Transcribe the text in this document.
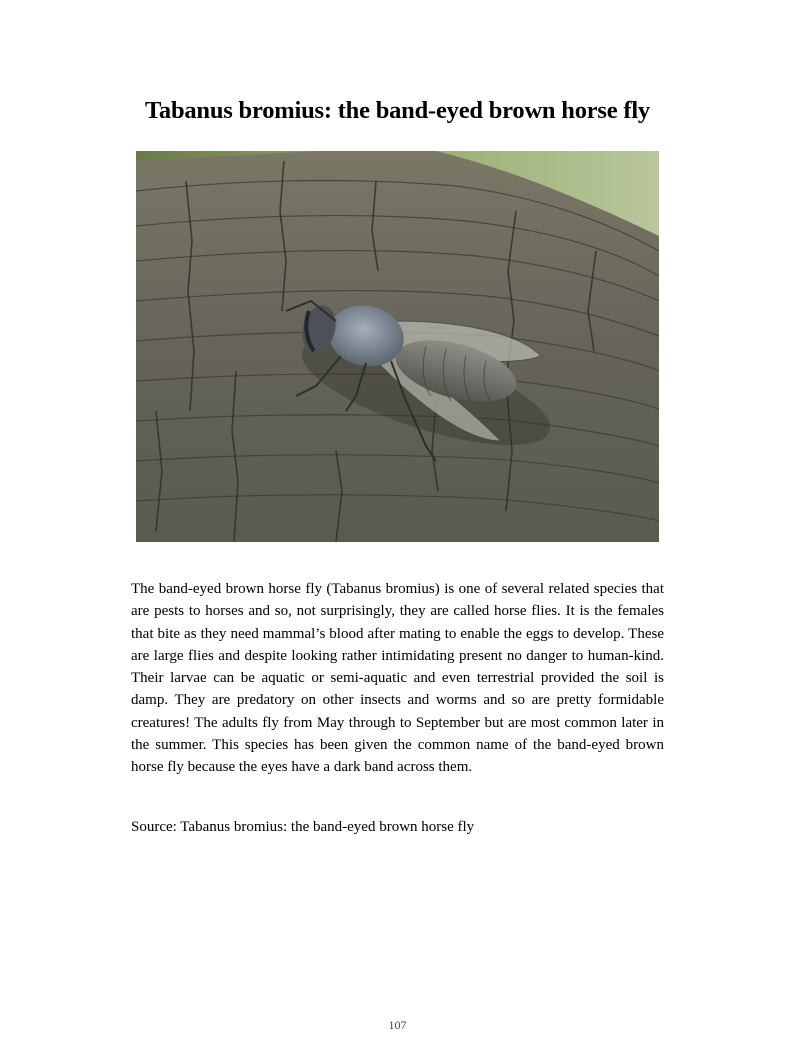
Tabanus bromius: the band-eyed brown horse fly

The band-eyed brown horse fly (Tabanus bromius) is one of several related species that are pests to horses and so, not surprisingly, they are called horse flies. It is the females that bite as they need mammal’s blood after mating to enable the eggs to develop. These are large flies and despite looking rather intimidating present no danger to human-kind. Their larvae can be aquatic or semi-aquatic and even terrestrial provided the soil is damp. They are predatory on other insects and worms and so are pretty formidable creatures! The adults fly from May through to September but are most common later in the summer. This species has been given the common name of the band-eyed brown horse fly because the eyes have a dark band across them.

Source: Tabanus bromius: the band-eyed brown horse fly

107
